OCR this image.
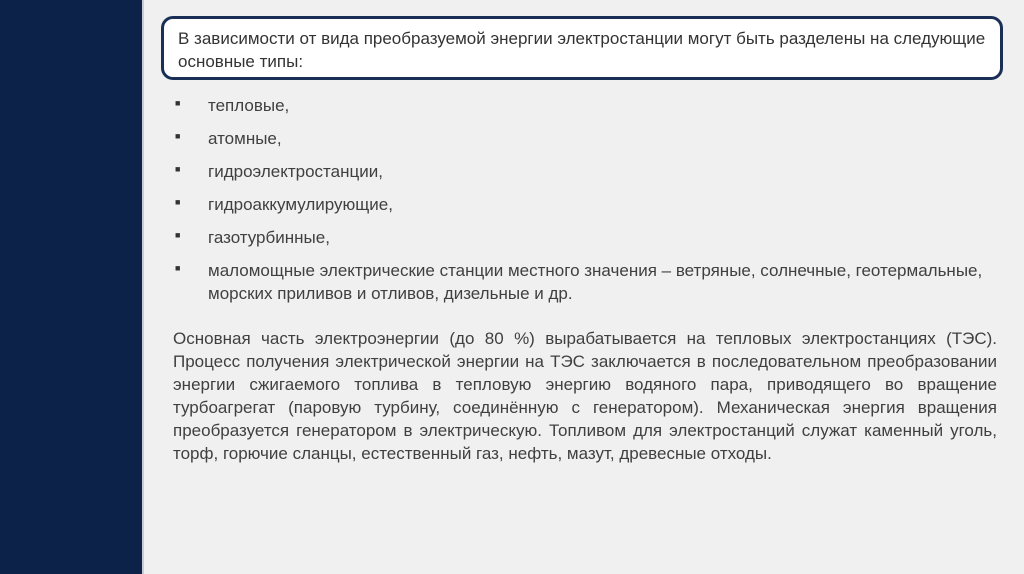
В зависимости от вида преобразуемой энергии электростанции могут быть разделены на следующие основные типы:
■ тепловые,
■ атомные,
■ гидроэлектростанции,
■ гидроаккумулирующие,
■ газотурбинные,
■ маломощные электрические станции местного значения – ветряные, солнечные, геотермальные, морских приливов и отливов, дизельные и др.

Основная часть электроэнергии (до 80 %) вырабатывается на тепловых электростанциях (ТЭС). Процесс получения электрической энергии на ТЭС заключается в последовательном преобразовании энергии сжигаемого топлива в тепловую энергию водяного пара, приводящего во вращение турбоагрегат (паровую турбину, соединённую с генератором). Механическая энергия вращения преобразуется генератором в электрическую. Топливом для электростанций служат каменный уголь, торф, горючие сланцы, естественный газ, нефть, мазут, древесные отходы.
